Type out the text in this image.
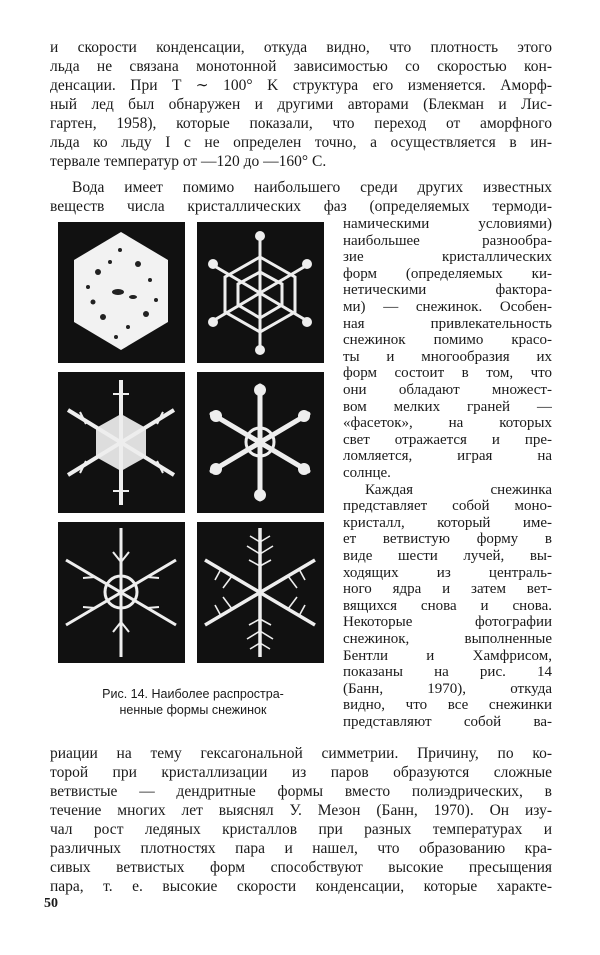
и скорости конденсации, откуда видно, что плотность этого
льда не связана монотонной зависимостью со скоростью кон-
денсации. При T ∼ 100° K структура его изменяется. Аморф-
ный лед был обнаружен и другими авторами (Блекман и Лис-
гартен, 1958), которые показали, что переход от аморфного
льда ко льду I c не определен точно, а осуществляется в ин-
тервале температур от —120 до —160° С.
Вода имеет помимо наибольшего среди других известных
веществ числа кристаллических фаз (определяемых термоди-
намическими условиями)
наибольшее разнообра-
зие кристаллических
форм (определяемых ки-
нетическими фактора-
ми) — снежинок. Особен-
ная привлекательность
снежинок помимо красо-
ты и многообразия их
форм состоит в том, что
они обладают множест-
вом мелких граней —
«фасеток», на которых
свет отражается и пре-
ломляется, играя на
солнце.
Каждая снежинка
представляет собой моно-
кристалл, который име-
ет ветвистую форму в
виде шести лучей, вы-
ходящих из централь-
ного ядра и затем вет-
вящихся снова и снова.
Некоторые фотографии
снежинок, выполненные
Бентли и Хамфрисом,
показаны на рис. 14
(Банн, 1970), откуда
видно, что все снежинки
представляют собой ва-
Рис. 14. Наиболее распростра-
ненные формы снежинок
риации на тему гексагональной симметрии. Причину, по ко-
торой при кристаллизации из паров образуются сложные
ветвистые — дендритные формы вместо полиэдрических, в
течение многих лет выяснял У. Мезон (Банн, 1970). Он изу-
чал рост ледяных кристаллов при разных температурах и
различных плотностях пара и нашел, что образованию кра-
сивых ветвистых форм способствуют высокие пресыщения
пара, т. е. высокие скорости конденсации, которые характе-
50
